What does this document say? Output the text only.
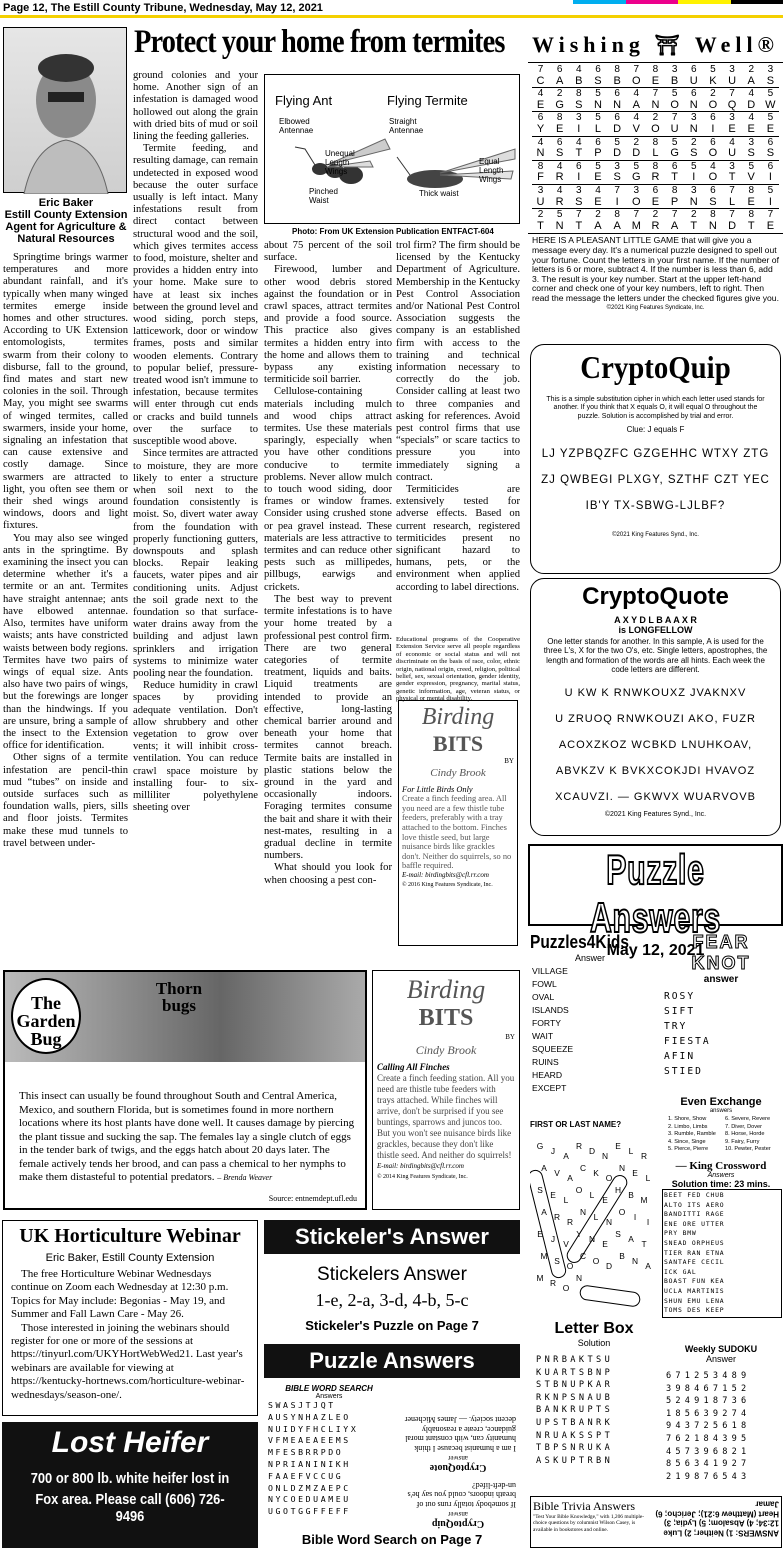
Page 12, The Estill County Tribune, Wednesday, May 12, 2021
Eric Baker
Estill County Extension
Agent for Agriculture &
Natural Resources
Protect your home from termites

Springtime brings warmer temperatures and more abundant rainfall, and it's typically when many winged termites emerge inside homes and other structures. According to UK Extension entomologists, termites swarm from their colony to disburse, fall to the ground, find mates and start new colonies in the soil. Through May, you might see swarms of winged termites, called swarmers, inside your home, signaling an infestation that can cause extensive and costly damage. Since swarmers are attracted to light, you often see them or their shed wings around windows, doors and light fixtures.

You may also see winged ants in the springtime. By examining the insect you can determine whether it's a termite or an ant. Termites have straight antennae; ants have elbowed antennae. Also, termites have uniform waists; ants have constricted waists between body regions. Termites have two pairs of wings of equal size. Ants also have two pairs of wings, but the forewings are longer than the hindwings. If you are unsure, bring a sample of the insect to the Extension office for identification.

Other signs of a termite infestation are pencil-thin mud “tubes” on inside and outside surfaces such as foundation walls, piers, sills and floor joists. Termites make these mud tunnels to travel between under-

ground colonies and your home. Another sign of an infestation is damaged wood hollowed out along the grain with dried bits of mud or soil lining the feeding galleries.

Termite feeding, and resulting damage, can remain undetected in exposed wood because the outer surface usually is left intact. Many infestations result from direct contact between structural wood and the soil, which gives termites access to food, moisture, shelter and provides a hidden entry into your home. Make sure to have at least six inches between the ground level and wood siding, porch steps, latticework, door or window frames, posts and similar wooden elements. Contrary to popular belief, pressure-treated wood isn't immune to infestation, because termites will enter through cut ends or cracks and build tunnels over the surface to susceptible wood above.

Since termites are attracted to moisture, they are more likely to enter a structure when soil next to the foundation consistently is moist. So, divert water away from the foundation with properly functioning gutters, downspouts and splash blocks. Repair leaking faucets, water pipes and air conditioning units. Adjust the soil grade next to the foundation so that surface-water drains away from the building and adjust lawn sprinklers and irrigation systems to minimize water pooling near the foundation.

Reduce humidity in crawl spaces by providing adequate ventilation. Don't allow shrubbery and other vegetation to grow over vents; it will inhibit cross-ventilation. You can reduce crawl space moisture by installing four- to six-milliliter polyethylene sheeting over

Flying Ant	Flying Termite
Elbowed Antennae
Unequal Length Wings
Pinched Waist
Straight Antennae
Equal Length Wings
Thick waist
Photo: From UK Extension Publication ENTFACT-604

about 75 percent of the soil surface.

Firewood, lumber and other wood debris stored against the foundation or in crawl spaces, attract termites and provide a food source. This practice also gives termites a hidden entry into the home and allows them to bypass any existing termiticide soil barrier.

Cellulose-containing materials including mulch and wood chips attract termites. Use these materials sparingly, especially when you have other conditions conducive to termite problems. Never allow mulch to touch wood siding, door frames or window frames. Consider using crushed stone or pea gravel instead. These materials are less attractive to termites and can reduce other pests such as millipedes, pillbugs, earwigs and crickets.

The best way to prevent termite infestations is to have your home treated by a professional pest control firm. There are two general categories of termite treatment, liquids and baits. Liquid treatments are intended to provide an effective, long-lasting chemical barrier around and beneath your home that termites cannot breach. Termite baits are installed in plastic stations below the ground in the yard and occasionally indoors. Foraging termites consume the bait and share it with their nest-mates, resulting in a gradual decline in termite numbers.

What should you look for when choosing a pest con-

trol firm? The firm should be licensed by the Kentucky Department of Agriculture. Membership in the Kentucky Pest Control Association and/or National Pest Control Association suggests the company is an established firm with access to the training and technical information necessary to correctly do the job. Consider calling at least two to three companies and asking for references. Avoid pest control firms that use “specials” or scare tactics to pressure you into immediately signing a contract.

Termiticides are extensively tested for adverse effects. Based on current research, registered termiticides present no significant hazard to humans, pets, or the environment when applied according to label directions.

Educational programs of the Cooperative Extension Service serve all people regardless of economic or social status and will not discriminate on the basis of race, color, ethnic origin, national origin, creed, religion, political belief, sex, sexual orientation, gender identity, gender expression, pregnancy, marital status, genetic information, age, veteran status, or physical or mental disability.
Birding
BITS
BY
Cindy Brook
For Little Birds Only
Create a finch feeding area. All you need are a few thistle tube feeders, preferably with a tray attached to the bottom. Finches love thistle seed, but large nuisance birds like grackles don't. Neither do squirrels, so no baffle required.
E-mail: birdingbits@cfl.rr.com
© 2016 King Features Syndicate, Inc.
Wishing ⛩ Well®
7	6	4	6	8	7	8	3	6	5	3	2	3
C	A	B	S	B	O	E	B	U	K	U	A	S
4	2	8	5	6	4	7	5	6	2	7	4	5
E	G	S	N	N	A	N O N O Q D W
6	8	3	5	6	4	2	7	3	6	3	4	5
Y	E	I	L	D	V	O U	N	I	E	E	E
4	6	4	6	5	2	8	5	2	6	4	3	6
N	S	T	P	D	D	L	G	S	O U	S	S
8	4	6	5	3	5	8	6	5	4	3	5	6
F	R	I	E	S	G R	T	I	O	T	V	I
3	4	3	4	7	3	6	8	3	6	7	8	5
U	R	S	E	I	O	E	P	N	S	L	E	I
2	5	7	2	8	7	2	7	2	8	7	8	7
T	N	T	A	A M R	A	T	N	D	T	E
HERE IS A PLEASANT LITTLE GAME that will give you a message every day. It's a numerical puzzle designed to spell out your fortune. Count the letters in your first name. If the number of letters is 6 or more, subtract 4. If the number is less than 6, add 3. The result is your key number. Start at the upper left-hand corner and check one of your key numbers, left to right. Then read the message the letters under the checked figures give you.
©2021 King Features Syndicate, Inc.
CryptoQuip
This is a simple substitution cipher in which each letter used stands for another. If you think that X equals O, it will equal O throughout the puzzle. Solution is accomplished by trial and error.
Clue: J equals F
LJ YZPBQZFC GZGEHHC WTXY ZTG
ZJ QWBEGI PLXGY, SZTHF CZT YEC
IB'Y TX-SBWG-LJLBF?
©2021 King Features Synd., Inc.
CryptoQuote
A X Y D L B A A X R
is LONGFELLOW
One letter stands for another. In this sample, A is used for the three L's, X for the two O's, etc. Single letters, apostrophes, the length and formation of the words are all hints. Each week the code letters are different.
U KW K RNWKOUXZ JVAKNXV
U ZRUOQ RNWKOUZI AKO, FUZR
ACOXZKOZ WCBKD LNUHKOAV,
ABVKZV K BVKXCOKJDI HVAVOZ
XCAUVZI. — GKWVX WUARVOVB
©2021 King Features Synd., Inc.
Puzzle Answers
May 12, 2021
The Garden Bug
Thorn bugs
This insect can usually be found throughout South and Central America, Mexico, and southern Florida, but is sometimes found in more northern locations where its host plants have done well. It causes damage by piercing the plant tissue and sucking the sap. The females lay a single clutch of eggs in the tender bark of twigs, and the eggs hatch about 20 days later. The female actively tends her brood, and can pass a chemical to her nymphs to make them distasteful to potential predators. – Brenda Weaver
Source: entnemdept.ufl.edu
Birding
BITS
BY
Cindy Brook
Calling All Finches
Create a finch feeding station. All you need are thistle tube feeders with trays attached. While finches will arrive, don't be surprised if you see buntings, sparrows and juncos too. But you won't see nuisance birds like grackles, because they don't like thistle seed. And neither do squirrels!
E-mail: birdingbits@cfl.rr.com
© 2014 King Features Syndicate, Inc.
UK Horticulture Webinar
Eric Baker, Estill County Extension

The free Horticulture Webinar Wednesdays continue on Zoom each Wednesday at 12:30 p.m. Topics for May include: Begonias - May 19, and Summer and Fall Lawn Care - May 26.

Those interested in joining the webinars should register for one or more of the sessions at https://tinyurl.com/UKYHortWebWed21. Last year's webinars are available for viewing at https://kentucky-hortnews.com/horticulture-webinar-wednesdays/season-one/.

Lost Heifer
700 or 800 lb. white heifer lost in
Fox area. Please call (606) 726-9496
Stickeler's Answer
Stickelers Answer
1-e, 2-a, 3-d, 4-b, 5-c
Stickeler's Puzzle on Page 7
Puzzle Answers
BIBLE WORD SEARCH
Answers
SWASJTJQT
AUSYNHAZLEO
NUIDYFHCLIYX
VFMEAEAEEMS
MFESBRRPDO
NPRIANINIKH
FAAEFVCCUG
ONLDZMZAEPC
NYCOEDUAMEU
UGOTGGFFEFF
Bible Word Search on Page 7
CryptoQuip
answer
If somebody totally runs out of breath indoors, could you say he's un-deft-lifed?
CryptoQuote
answer
I am a humanist because I think humanity can, with constant moral guidance, create a reasonably decent society. — James Michener
Puzzles4Kids
Answer
VILLAGE
FOWL
OVAL
ISLANDS
FORTY
WAIT
SQUEEZE
RUINS
HEARD
EXCEPT
FEAR KNOT
answer
ROSY
SIFT
TRY
FIESTA
AFIN
STIED
Even Exchange
answers
1. Shore, Show
2. Limbo, Limbs
3. Rumble, Ramble
4. Since, Singe
5. Pierce, Pierre
6. Severe, Revere
7. Diver, Dover
8. Horse, Horde
9. Fairy, Furry
10. Pewter, Pester
FIRST OR LAST NAME?
G J A
R D N
E L R
A V A
C K O
N E L
S E L
O L E
H B M
A R R
N L N
O I I
E J V
Y N E
S A T
M S O
C O D
B N A
M R O
N
— King Crossword
Answers
Solution time: 23 mins.
BEET FED CHUB
ALTO ITS AERO
BANDITTI RAGE
ENE ORE UTTER
PRY BMW
SNEAD ORPHEUS
TIER RAN ETNA
SANTAFE CECIL
ICK GAL
BOAST FUN KEA
UCLA MARTINIS
SHUN EMU LENA
TOMS DES KEEP
Letter Box
Solution
PNRBAKTSU
KUARTSBNP
STBNUPKAR
RKNPSNAUB
BANKRUPTS
UPSTBANRK
NRUAKSSPT
TBPSNRUKA
ASKUPTRBN
Weekly SUDOKU
Answer
671253489
398467152
524918736
185639274
943725618
762184395
457396821
856341927
219876543
Bible Trivia Answers
"Test Your Bible Knowledge," with 1,206 multiple-choice questions by columnist Wilson Casey, is available in bookstores and online.	ANSWERS: 1) Neither; 2) Luke 12:34; 4) Absalom; 5) Lydia; 3) Heart (Matthew 6:21); Jericho; 6) Jamar
